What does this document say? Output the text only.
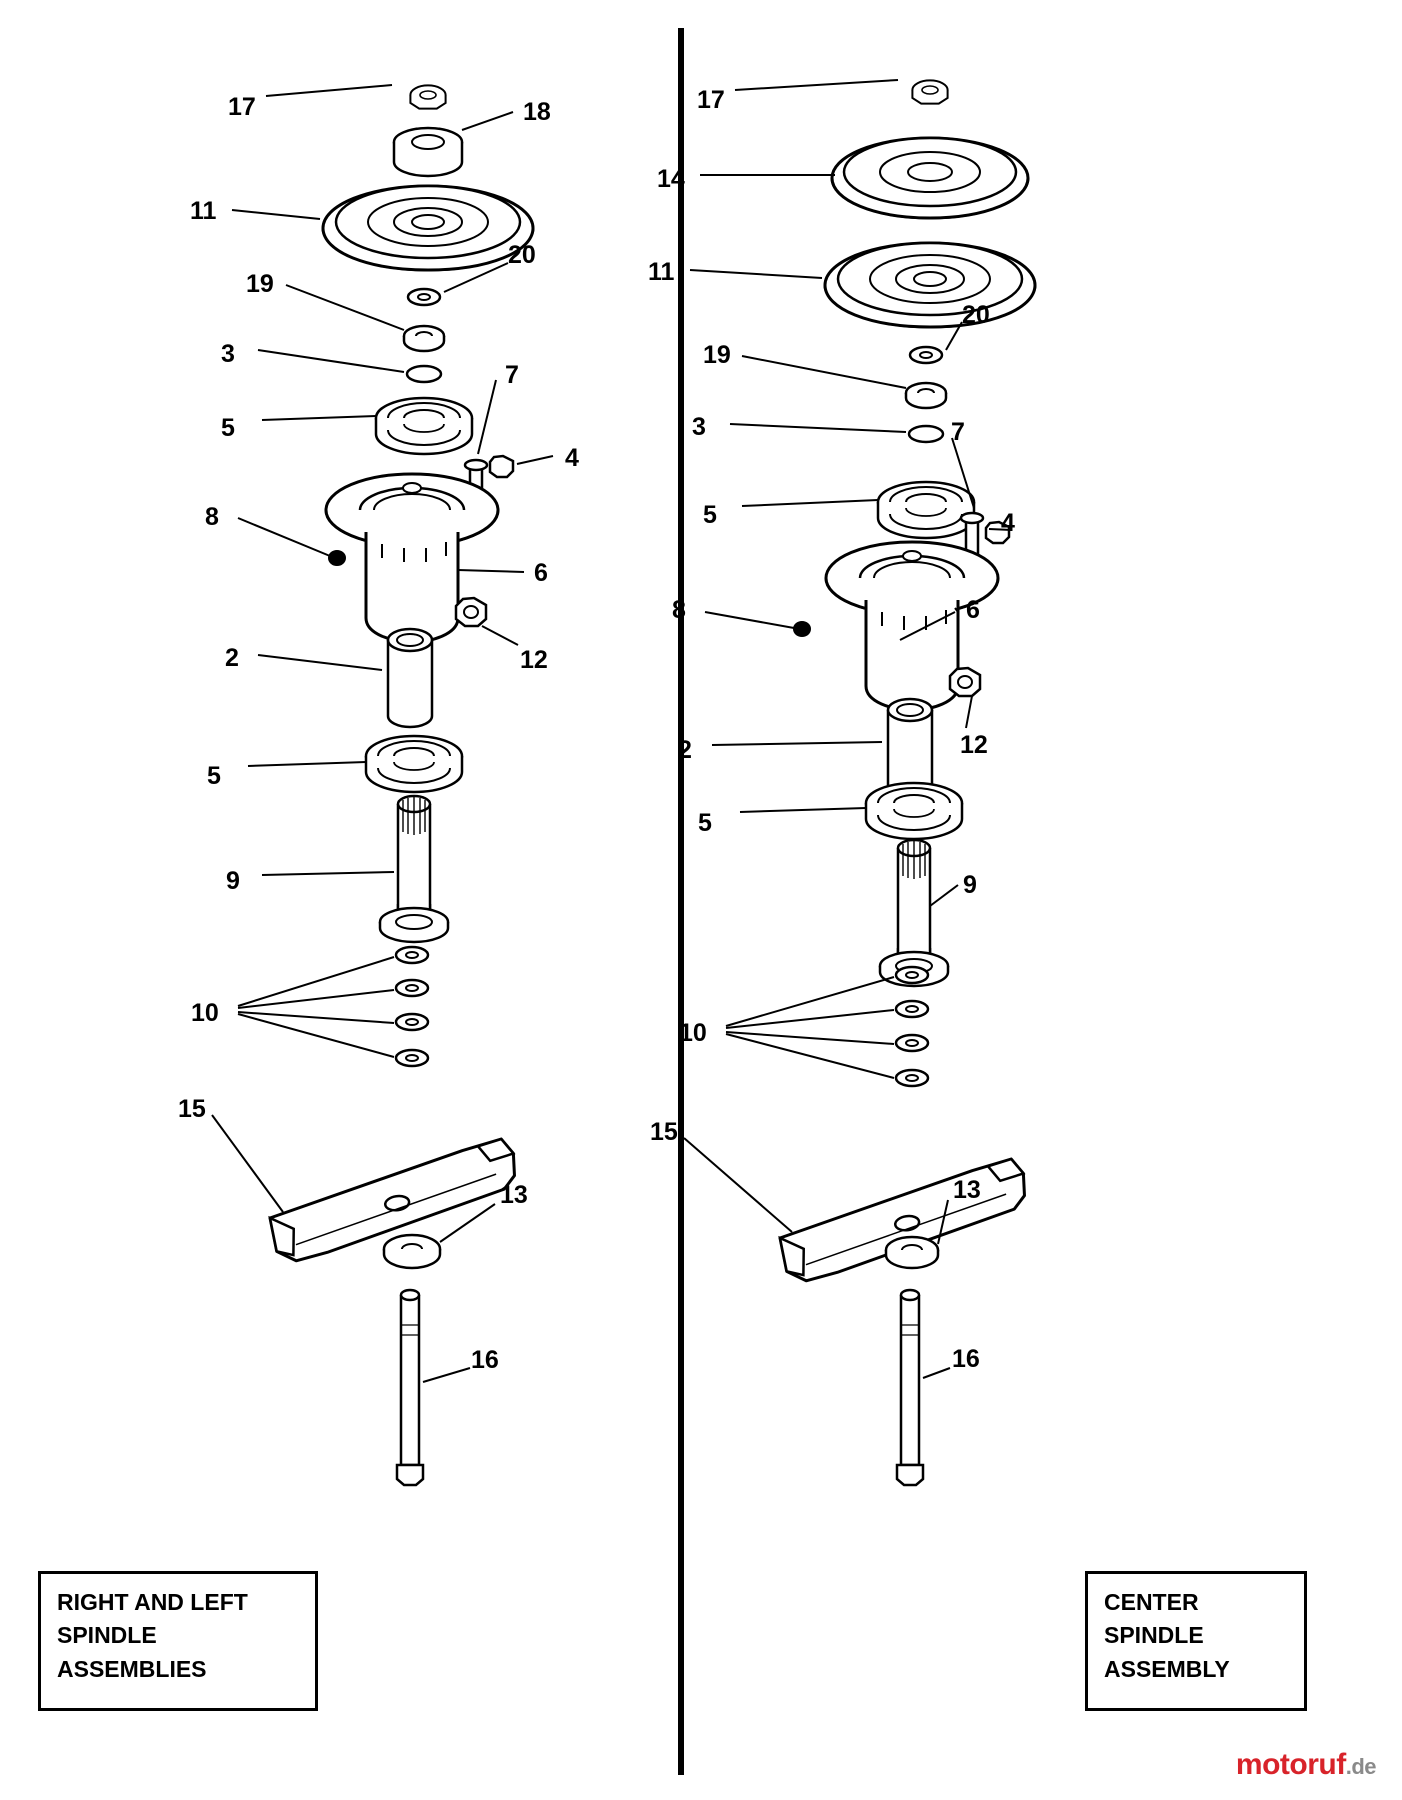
17	18
11
20
19
3
7
5
4
8
6
12
2
5
9
10
15
13
16
17
14
11
20
19
3	7
5	4
8	6
12
2
5
9
10
15
13
16
RIGHT AND LEFT
SPINDLE
ASSEMBLIES
CENTER
SPINDLE
ASSEMBLY
motoruf.de
